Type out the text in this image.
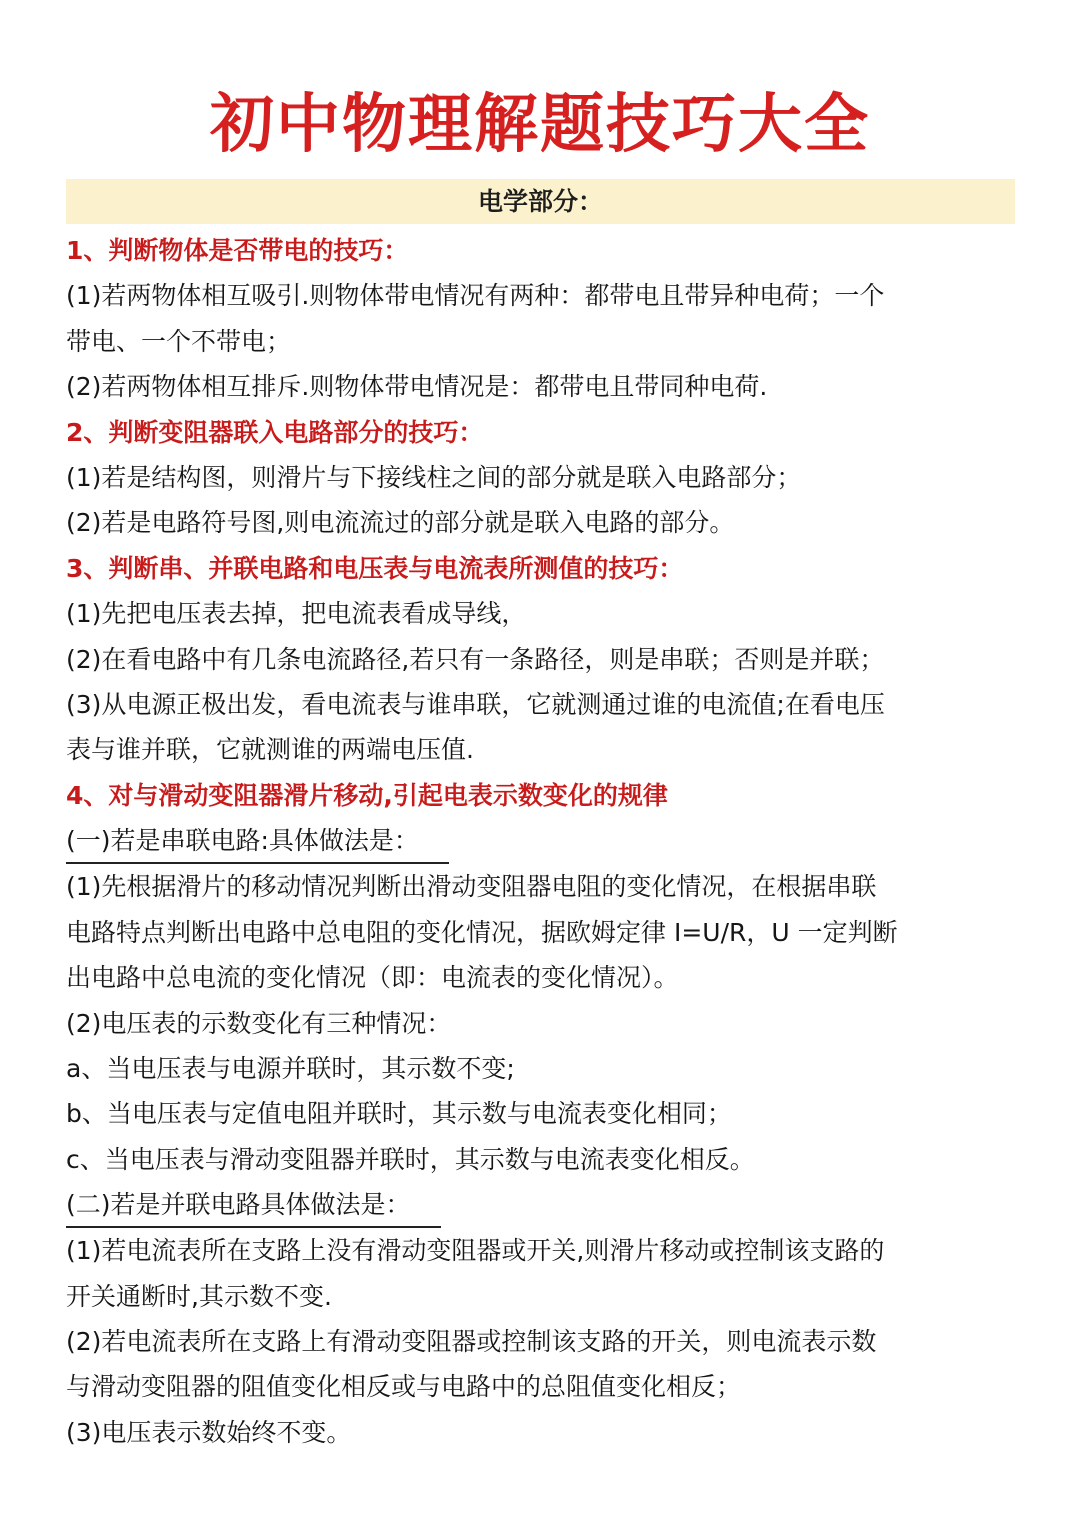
初中物理解题技巧大全
电学部分：
1、判断物体是否带电的技巧：
(1)若两物体相互吸引.则物体带电情况有两种：都带电且带异种电荷；一个
带电、一个不带电；
(2)若两物体相互排斥.则物体带电情况是：都带电且带同种电荷.
2、判断变阻器联入电路部分的技巧：
(1)若是结构图，则滑片与下接线柱之间的部分就是联入电路部分；
(2)若是电路符号图,则电流流过的部分就是联入电路的部分。
3、判断串、并联电路和电压表与电流表所测值的技巧：
(1)先把电压表去掉，把电流表看成导线，
(2)在看电路中有几条电流路径,若只有一条路径，则是串联；否则是并联；
(3)从电源正极出发，看电流表与谁串联，它就测通过谁的电流值;在看电压
表与谁并联，它就测谁的两端电压值.
4、对与滑动变阻器滑片移动,引起电表示数变化的规律
(一)若是串联电路:具体做法是：
(1)先根据滑片的移动情况判断出滑动变阻器电阻的变化情况，在根据串联
电路特点判断出电路中总电阻的变化情况，据欧姆定律 I=U/R，U 一定判断
出电路中总电流的变化情况（即：电流表的变化情况）。
(2)电压表的示数变化有三种情况：
a、当电压表与电源并联时，其示数不变;
b、当电压表与定值电阻并联时，其示数与电流表变化相同；
c、当电压表与滑动变阻器并联时，其示数与电流表变化相反。
(二)若是并联电路具体做法是：
(1)若电流表所在支路上没有滑动变阻器或开关,则滑片移动或控制该支路的
开关通断时,其示数不变.
(2)若电流表所在支路上有滑动变阻器或控制该支路的开关，则电流表示数
与滑动变阻器的阻值变化相反或与电路中的总阻值变化相反；
(3)电压表示数始终不变。
